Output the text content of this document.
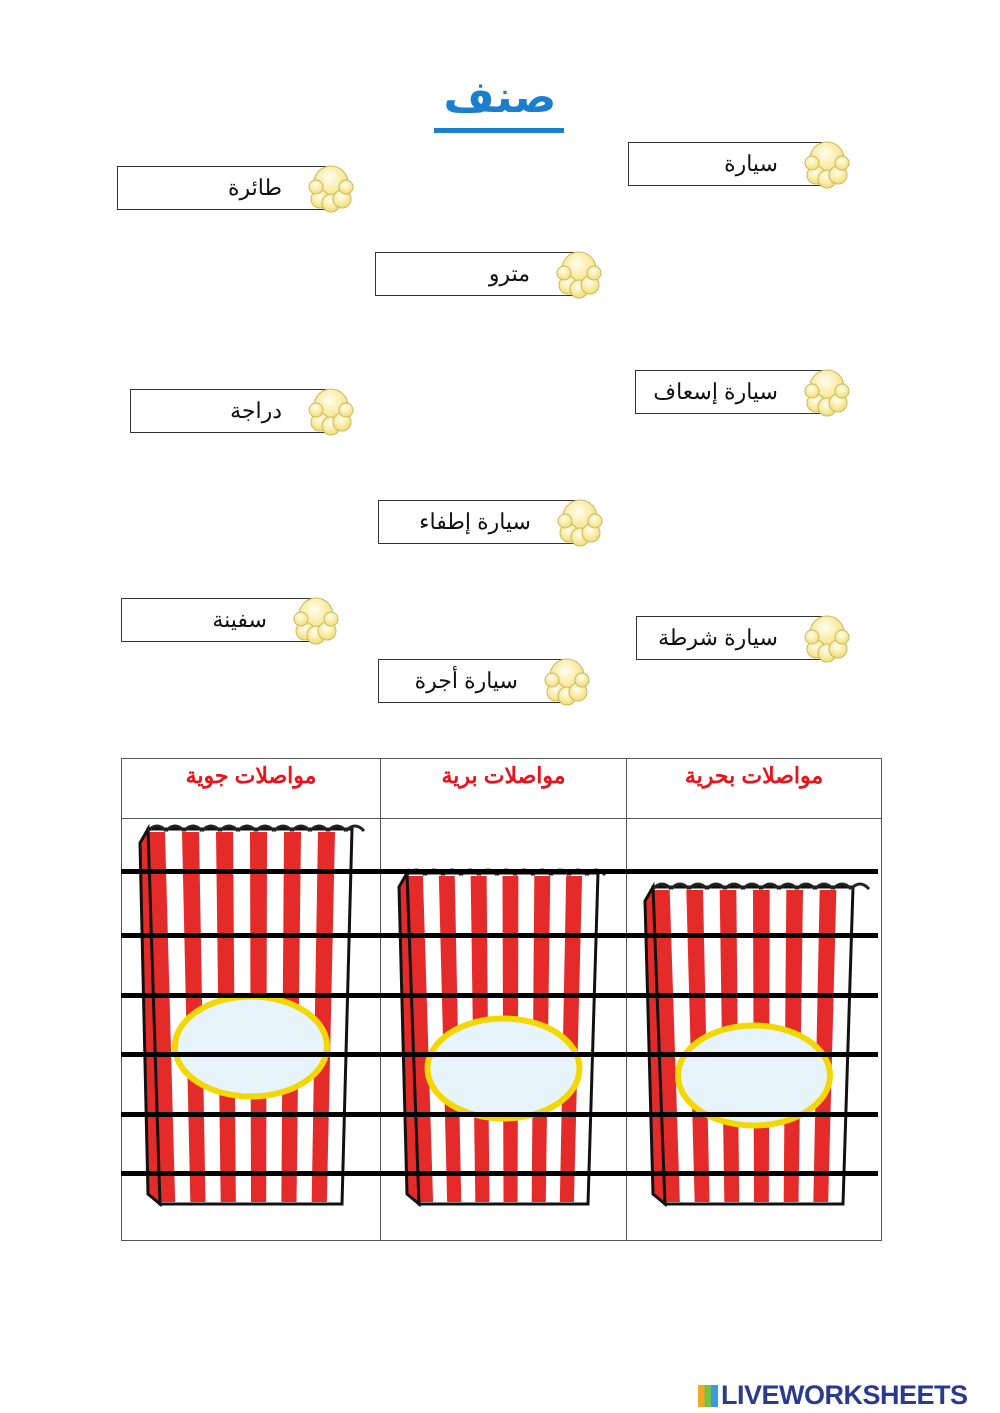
صنف
طائرة
سيارة
مترو
دراجة
سيارة إسعاف
سيارة إطفاء
سفينة
سيارة شرطة
سيارة أجرة
مواصلات جوية	مواصلات برية	مواصلات بحرية

LIVEWORKSHEETS
